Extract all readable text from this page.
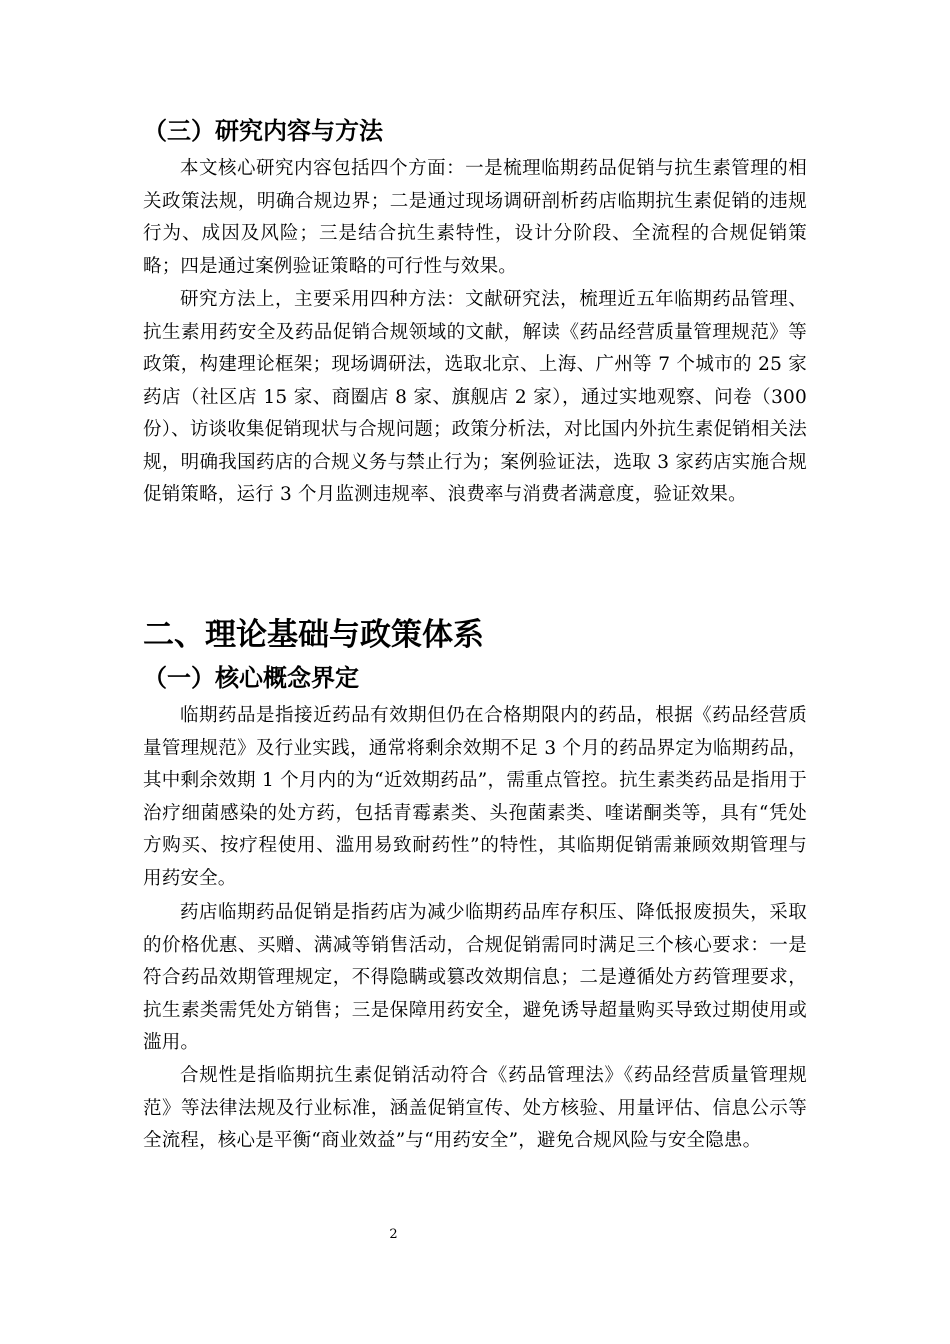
（三）研究内容与方法

本文核心研究内容包括四个方面：一是梳理临期药品促销与抗生素管理的相关政策法规，明确合规边界；二是通过现场调研剖析药店临期抗生素促销的违规行为、成因及风险；三是结合抗生素特性，设计分阶段、全流程的合规促销策略；四是通过案例验证策略的可行性与效果。

研究方法上，主要采用四种方法：文献研究法，梳理近五年临期药品管理、抗生素用药安全及药品促销合规领域的文献，解读《药品经营质量管理规范》等政策，构建理论框架；现场调研法，选取北京、上海、广州等 7 个城市的 25 家药店（社区店 15 家、商圈店 8 家、旗舰店 2 家），通过实地观察、问卷（300 份）、访谈收集促销现状与合规问题；政策分析法，对比国内外抗生素促销相关法规，明确我国药店的合规义务与禁止行为；案例验证法，选取 3 家药店实施合规促销策略，运行 3 个月监测违规率、浪费率与消费者满意度，验证效果。

二、理论基础与政策体系
（一）核心概念界定

临期药品是指接近药品有效期但仍在合格期限内的药品，根据《药品经营质量管理规范》及行业实践，通常将剩余效期不足 3 个月的药品界定为临期药品，其中剩余效期 1 个月内的为“近效期药品”，需重点管控。抗生素类药品是指用于治疗细菌感染的处方药，包括青霉素类、头孢菌素类、喹诺酮类等，具有“凭处方购买、按疗程使用、滥用易致耐药性”的特性，其临期促销需兼顾效期管理与用药安全。

药店临期药品促销是指药店为减少临期药品库存积压、降低报废损失，采取的价格优惠、买赠、满减等销售活动，合规促销需同时满足三个核心要求：一是符合药品效期管理规定，不得隐瞒或篡改效期信息；二是遵循处方药管理要求，抗生素类需凭处方销售；三是保障用药安全，避免诱导超量购买导致过期使用或滥用。

合规性是指临期抗生素促销活动符合《药品管理法》《药品经营质量管理规范》等法律法规及行业标准，涵盖促销宣传、处方核验、用量评估、信息公示等全流程，核心是平衡“商业效益”与“用药安全”，避免合规风险与安全隐患。

2
